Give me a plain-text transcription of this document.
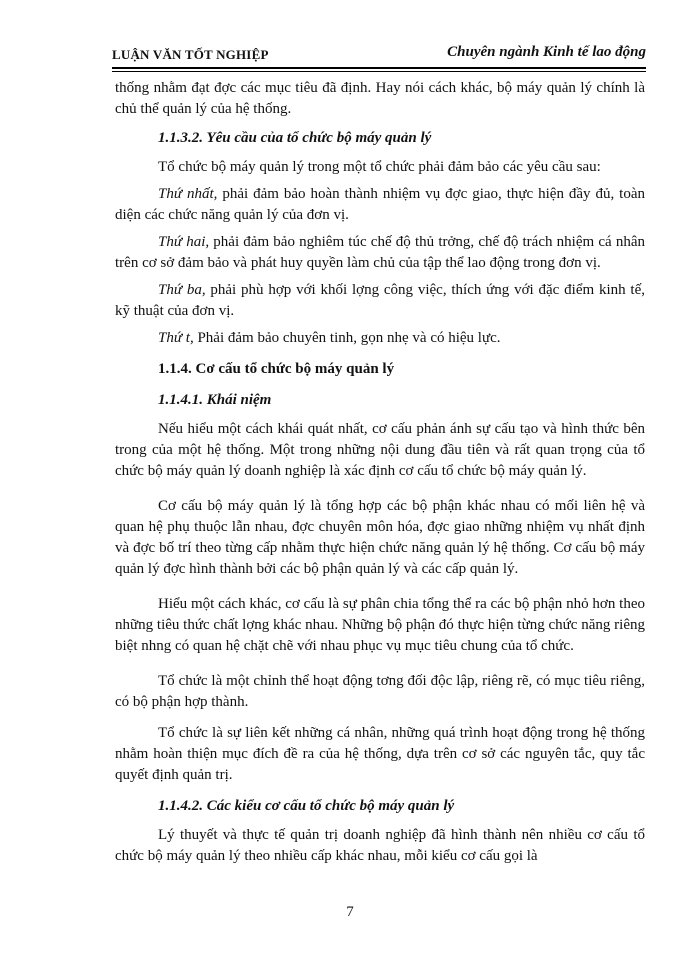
LUẬN VĂN TỐT NGHIỆP	Chuyên ngành Kinh tế lao động

thống nhằm đạt đợc các mục tiêu đã định. Hay nói cách khác, bộ máy quản lý chính là chủ thể quản lý của hệ thống.

1.1.3.2. Yêu cầu của tổ chức bộ máy quản lý

Tổ chức bộ máy quản lý trong một tổ chức phải đảm bảo các yêu cầu sau:

Thứ nhất, phải đảm bảo hoàn thành nhiệm vụ đợc giao, thực hiện đầy đủ, toàn diện các chức năng quản lý của đơn vị.

Thứ hai, phải đảm bảo nghiêm túc chế độ thủ trởng, chế độ trách nhiệm cá nhân trên cơ sở đảm bảo và phát huy quyền làm chủ của tập thể lao động trong đơn vị.

Thứ ba, phải phù hợp với khối lợng công việc, thích ứng với đặc điểm kinh tế, kỹ thuật của đơn vị.

Thứ t, Phải đảm bảo chuyên tinh, gọn nhẹ và có hiệu lực.

1.1.4. Cơ cấu tổ chức bộ máy quản lý

1.1.4.1. Khái niệm

Nếu hiểu một cách khái quát nhất, cơ cấu phản ánh sự cấu tạo và hình thức bên trong của một hệ thống. Một trong những nội dung đầu tiên và rất quan trọng của tổ chức bộ máy quản lý doanh nghiệp là xác định cơ cấu tổ chức bộ máy quản lý.

Cơ cấu bộ máy quản lý là tổng hợp các bộ phận khác nhau có mối liên hệ và quan hệ phụ thuộc lẫn nhau, đợc chuyên môn hóa, đợc giao những nhiệm vụ nhất định và đợc bố trí theo từng cấp nhằm thực hiện chức năng quản lý hệ thống. Cơ cấu bộ máy quản lý đợc hình thành bởi các bộ phận quản lý và các cấp quản lý.

Hiểu một cách khác, cơ cấu là sự phân chia tổng thể ra các bộ phận nhỏ hơn theo những tiêu thức chất lợng khác nhau. Những bộ phận đó thực hiện từng chức năng riêng biệt nhng có quan hệ chặt chẽ với nhau phục vụ mục tiêu chung của tổ chức.

Tổ chức là một chỉnh thể hoạt động tơng đối độc lập, riêng rẽ, có mục tiêu riêng, có bộ phận hợp thành.

Tổ chức là sự liên kết những cá nhân, những quá trình hoạt động trong hệ thống nhằm hoàn thiện mục đích đề ra của hệ thống, dựa trên cơ sở các nguyên tắc, quy tắc quyết định quản trị.

1.1.4.2. Các kiểu cơ cấu tổ chức bộ máy quản lý

Lý thuyết và thực tế quản trị doanh nghiệp đã hình thành nên nhiều cơ cấu tổ chức bộ máy quản lý theo nhiều cấp khác nhau, mỗi kiểu cơ cấu gọi là

7
